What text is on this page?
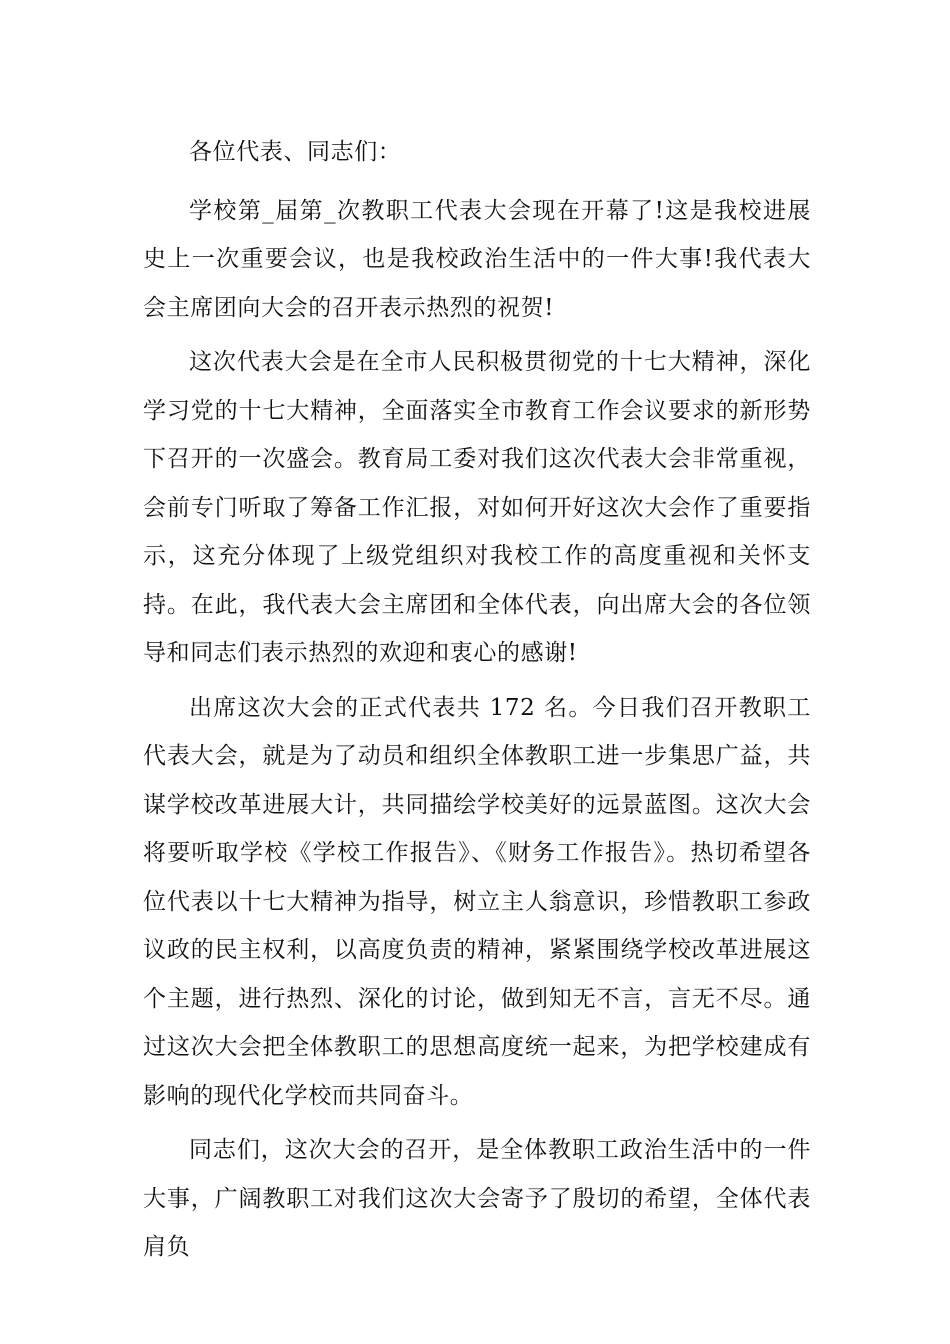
各位代表、同志们：

学校第_届第_次教职工代表大会现在开幕了!这是我校进展史上一次重要会议，也是我校政治生活中的一件大事!我代表大会主席团向大会的召开表示热烈的祝贺!

这次代表大会是在全市人民积极贯彻党的十七大精神，深化学习党的十七大精神，全面落实全市教育工作会议要求的新形势下召开的一次盛会。教育局工委对我们这次代表大会非常重视，会前专门听取了筹备工作汇报，对如何开好这次大会作了重要指示，这充分体现了上级党组织对我校工作的高度重视和关怀支持。在此，我代表大会主席团和全体代表，向出席大会的各位领导和同志们表示热烈的欢迎和衷心的感谢!

出席这次大会的正式代表共 172 名。今日我们召开教职工代表大会，就是为了动员和组织全体教职工进一步集思广益，共谋学校改革进展大计，共同描绘学校美好的远景蓝图。这次大会将要听取学校《学校工作报告》、《财务工作报告》。热切希望各位代表以十七大精神为指导，树立主人翁意识，珍惜教职工参政议政的民主权利，以高度负责的精神，紧紧围绕学校改革进展这个主题，进行热烈、深化的讨论，做到知无不言，言无不尽。通过这次大会把全体教职工的思想高度统一起来，为把学校建成有影响的现代化学校而共同奋斗。

同志们，这次大会的召开，是全体教职工政治生活中的一件大事，广阔教职工对我们这次大会寄予了殷切的希望，全体代表肩负
